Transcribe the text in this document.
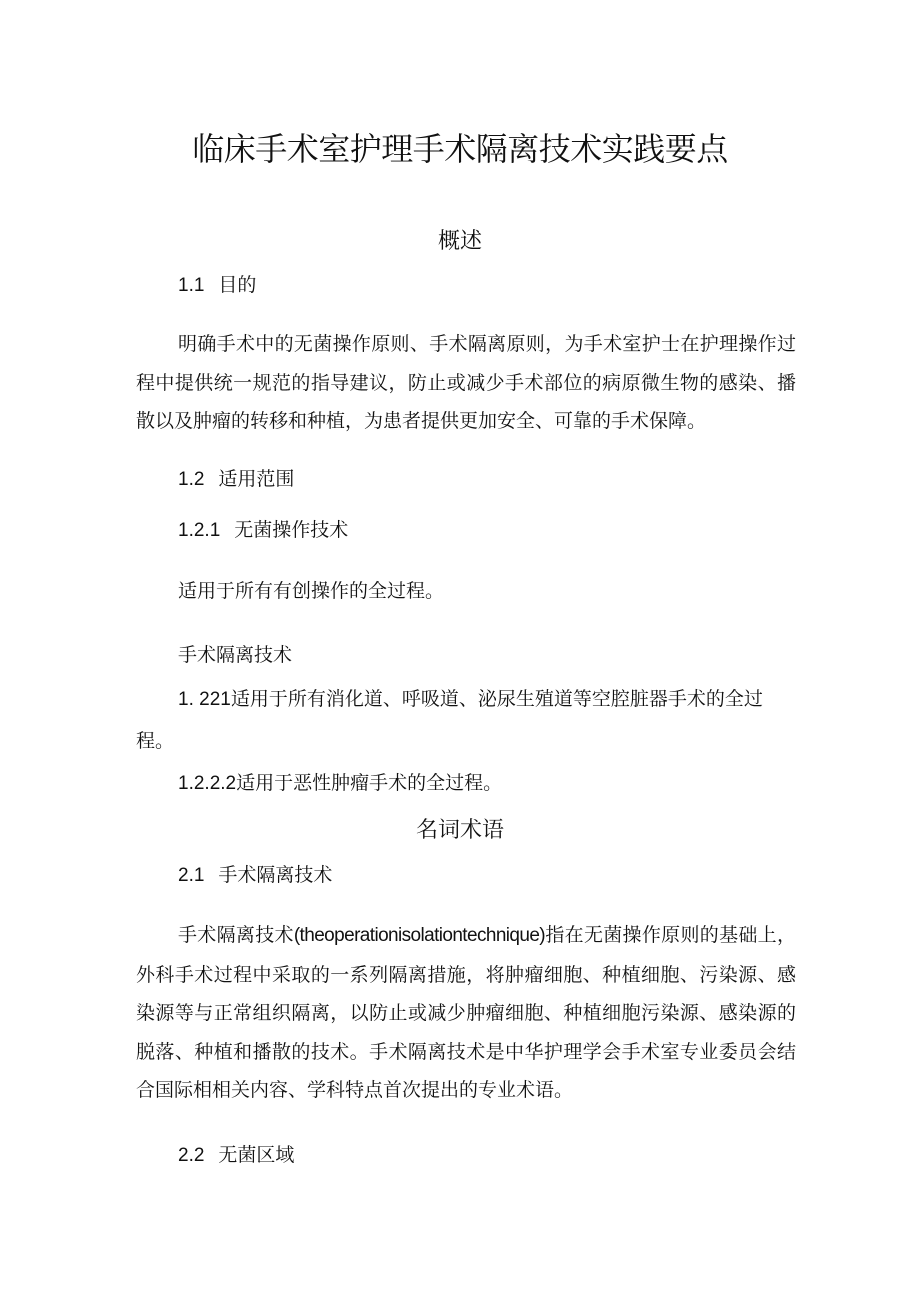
临床手术室护理手术隔离技术实践要点
概述
1.1 目的

明确手术中的无菌操作原则、手术隔离原则，为手术室护士在护理操作过程中提供统一规范的指导建议，防止或减少手术部位的病原微生物的感染、播散以及肿瘤的转移和种植，为患者提供更加安全、可靠的手术保障。

1.2 适用范围
1.2.1 无菌操作技术
适用于所有有创操作的全过程。
手术隔离技术
1. 221适用于所有消化道、呼吸道、泌尿生殖道等空腔脏器手术的全过
程。
1.2.2.2适用于恶性肿瘤手术的全过程。
名词术语
2.1 手术隔离技术

手术隔离技术(theoperationisolationtechnique)指在无菌操作原则的基础上，外科手术过程中采取的一系列隔离措施，将肿瘤细胞、种植细胞、污染源、感染源等与正常组织隔离，以防止或减少肿瘤细胞、种植细胞污染源、感染源的脱落、种植和播散的技术。手术隔离技术是中华护理学会手术室专业委员会结合国际相相关内容、学科特点首次提出的专业术语。

2.2 无菌区域
